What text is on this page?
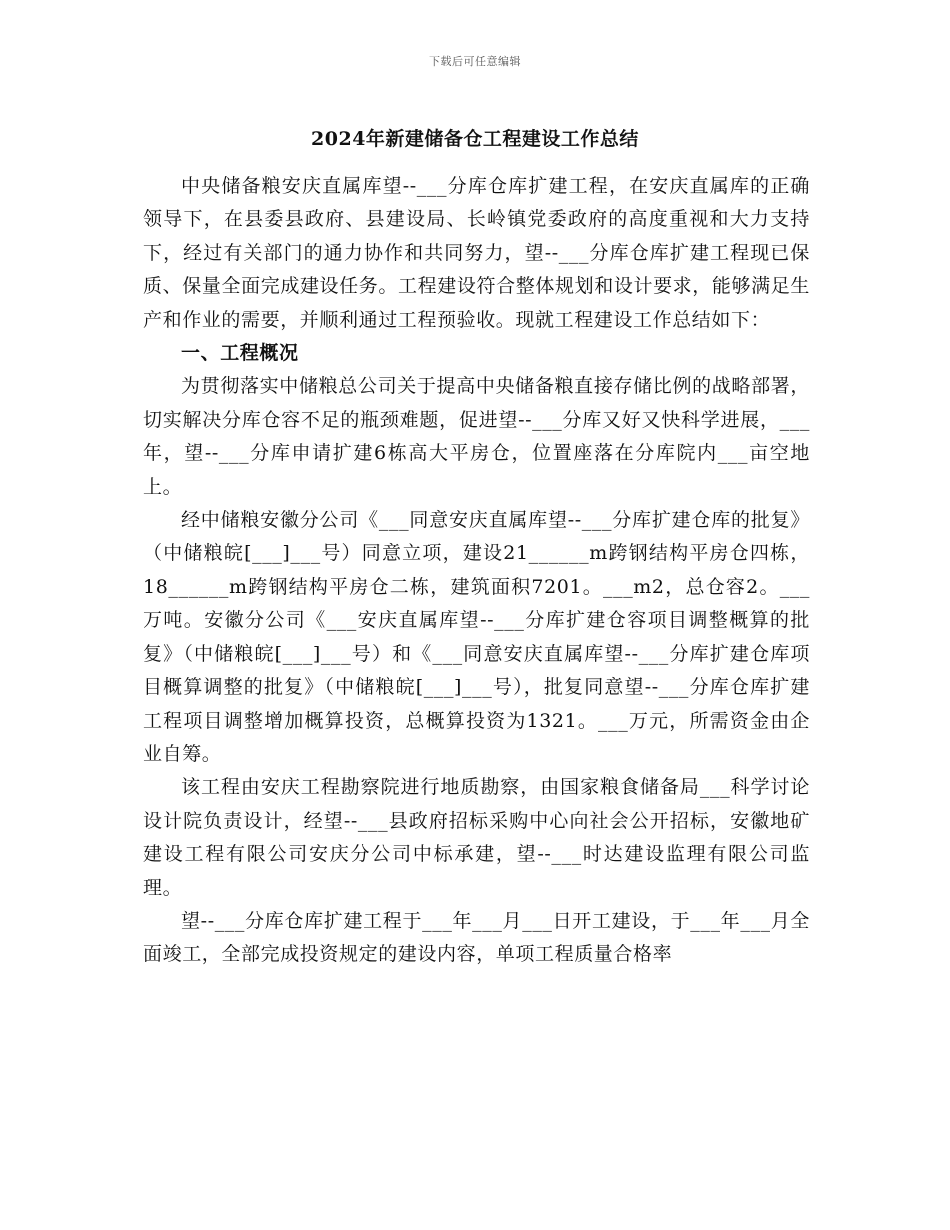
下载后可任意编辑
2024年新建储备仓工程建设工作总结

中央储备粮安庆直属库望--___分库仓库扩建工程，在安庆直属库的正确领导下，在县委县政府、县建设局、长岭镇党委政府的高度重视和大力支持下，经过有关部门的通力协作和共同努力，望--___分库仓库扩建工程现已保质、保量全面完成建设任务。工程建设符合整体规划和设计要求，能够满足生产和作业的需要，并顺利通过工程预验收。现就工程建设工作总结如下：

一、工程概况

为贯彻落实中储粮总公司关于提高中央储备粮直接存储比例的战略部署，切实解决分库仓容不足的瓶颈难题，促进望--___分库又好又快科学进展，___年，望--___分库申请扩建6栋高大平房仓，位置座落在分库院内___亩空地上。

经中储粮安徽分公司《___同意安庆直属库望--___分库扩建仓库的批复》（中储粮皖[___]___号）同意立项，建设21______m跨钢结构平房仓四栋，18______m跨钢结构平房仓二栋，建筑面积7201。___m2，总仓容2。___万吨。安徽分公司《___安庆直属库望--___分库扩建仓容项目调整概算的批复》（中储粮皖[___]___号）和《___同意安庆直属库望--___分库扩建仓库项目概算调整的批复》（中储粮皖[___]___号），批复同意望--___分库仓库扩建工程项目调整增加概算投资，总概算投资为1321。___万元，所需资金由企业自筹。

该工程由安庆工程勘察院进行地质勘察，由国家粮食储备局___科学讨论设计院负责设计，经望--___县政府招标采购中心向社会公开招标，安徽地矿建设工程有限公司安庆分公司中标承建，望--___时达建设监理有限公司监理。

望--___分库仓库扩建工程于___年___月___日开工建设，于___年___月全面竣工，全部完成投资规定的建设内容，单项工程质量合格率
